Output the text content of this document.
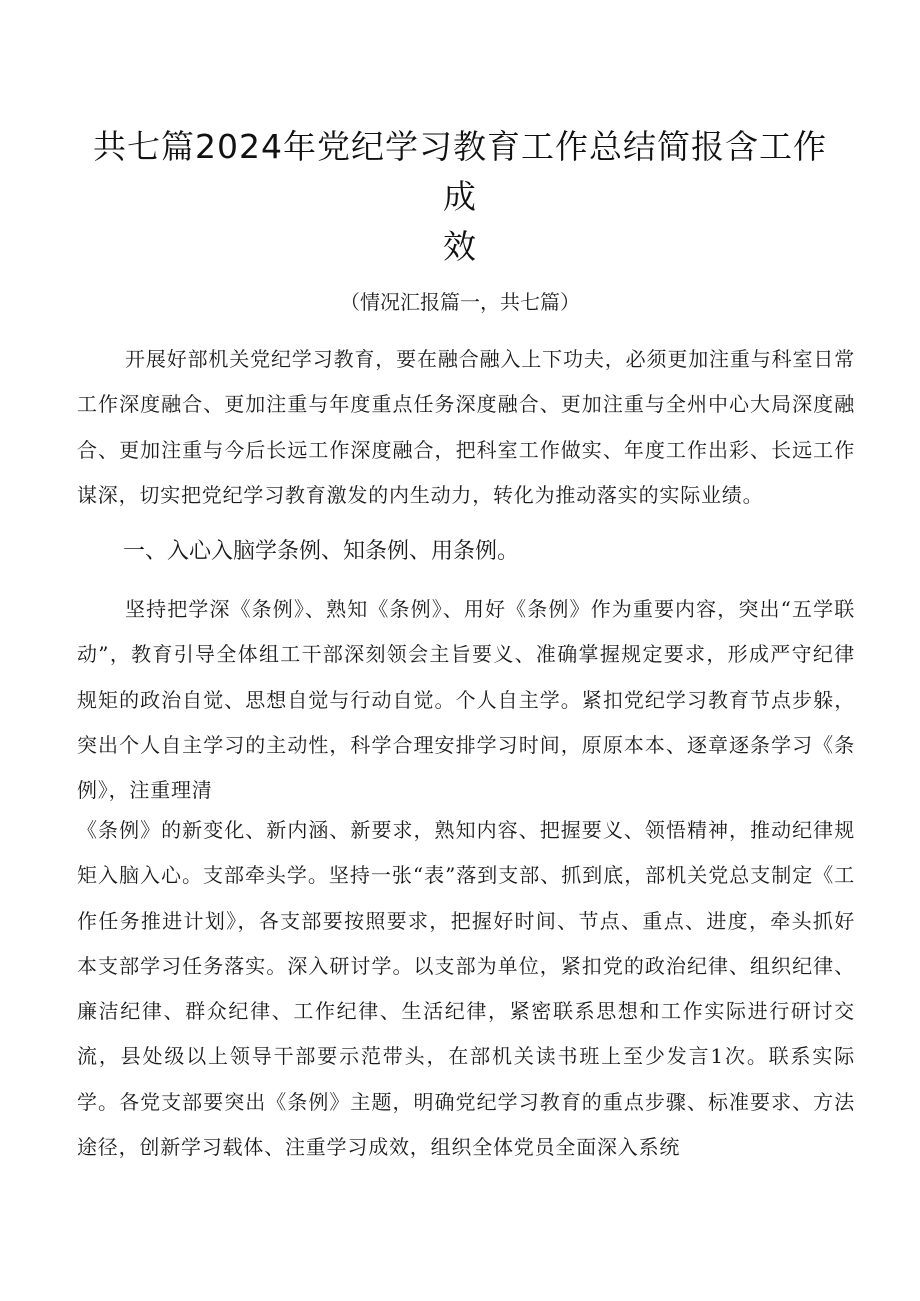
共七篇2024年党纪学习教育工作总结简报含工作成
效

（情况汇报篇一，共七篇）

开展好部机关党纪学习教育，要在融合融入上下功夫，必须更加注重与科室日常工作深度融合、更加注重与年度重点任务深度融合、更加注重与全州中心大局深度融合、更加注重与今后长远工作深度融合，把科室工作做实、年度工作出彩、长远工作谋深，切实把党纪学习教育激发的内生动力，转化为推动落实的实际业绩。

一、入心入脑学条例、知条例、用条例。

坚持把学深《条例》、熟知《条例》、用好《条例》作为重要内容，突出“五学联动”，教育引导全体组工干部深刻领会主旨要义、准确掌握规定要求，形成严守纪律规矩的政治自觉、思想自觉与行动自觉。个人自主学。紧扣党纪学习教育节点步躲，突出个人自主学习的主动性，科学合理安排学习时间，原原本本、逐章逐条学习《条例》，注重理清

《条例》的新变化、新内涵、新要求，熟知内容、把握要义、领悟精神，推动纪律规矩入脑入心。支部牵头学。坚持一张“表”落到支部、抓到底，部机关党总支制定《工作任务推进计划》，各支部要按照要求，把握好时间、节点、重点、进度，牵头抓好本支部学习任务落实。深入研讨学。以支部为单位，紧扣党的政治纪律、组织纪律、廉洁纪律、群众纪律、工作纪律、生活纪律，紧密联系思想和工作实际进行研讨交流，县处级以上领导干部要示范带头，在部机关读书班上至少发言1次。联系实际学。各党支部要突出《条例》主题，明确党纪学习教育的重点步骤、标准要求、方法途径，创新学习载体、注重学习成效，组织全体党员全面深入系统
